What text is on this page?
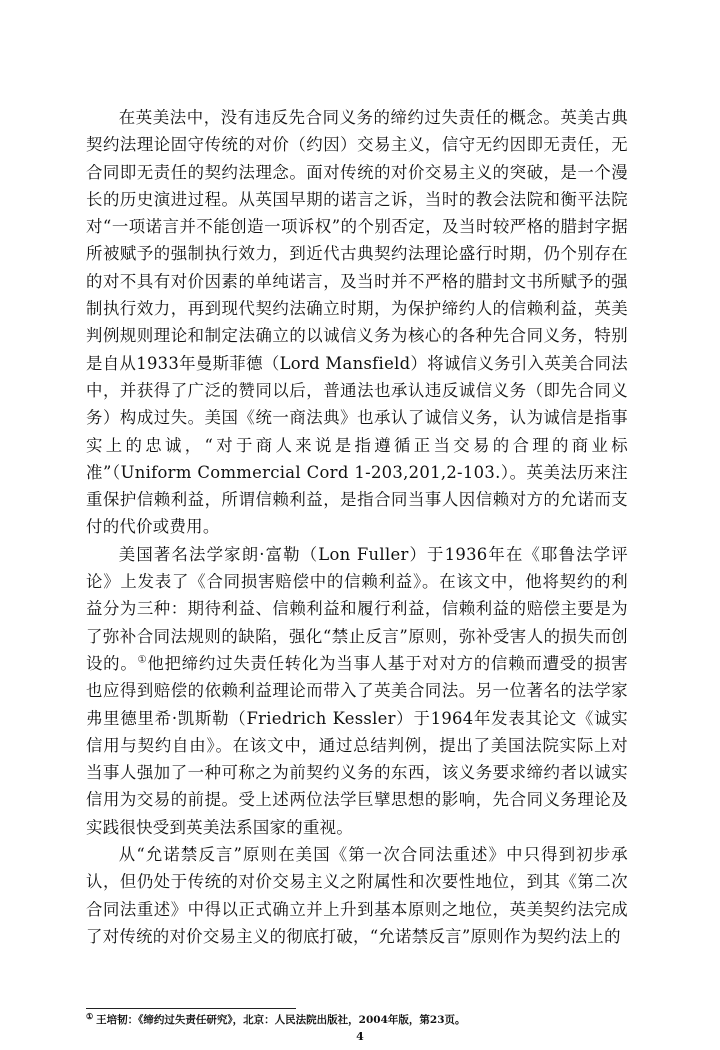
在英美法中，没有违反先合同义务的缔约过失责任的概念。英美古典契约法理论固守传统的对价（约因）交易主义，信守无约因即无责任，无合同即无责任的契约法理念。面对传统的对价交易主义的突破，是一个漫长的历史演进过程。从英国早期的诺言之诉，当时的教会法院和衡平法院对“一项诺言并不能创造一项诉权”的个别否定，及当时较严格的腊封字据所被赋予的强制执行效力，到近代古典契约法理论盛行时期，仍个别存在的对不具有对价因素的单纯诺言，及当时并不严格的腊封文书所赋予的强制执行效力，再到现代契约法确立时期，为保护缔约人的信赖利益，英美判例规则理论和制定法确立的以诚信义务为核心的各种先合同义务，特别是自从1933年曼斯菲德（Lord Mansfield）将诚信义务引入英美合同法中，并获得了广泛的赞同以后，普通法也承认违反诚信义务（即先合同义务）构成过失。美国《统一商法典》也承认了诚信义务，认为诚信是指事实上的忠诚，“对于商人来说是指遵循正当交易的合理的商业标准”（Uniform Commercial Cord 1-203,201,2-103.）。英美法历来注重保护信赖利益，所谓信赖利益，是指合同当事人因信赖对方的允诺而支付的代价或费用。

美国著名法学家朗·富勒（Lon Fuller）于1936年在《耶鲁法学评论》上发表了《合同损害赔偿中的信赖利益》。在该文中，他将契约的利益分为三种：期待利益、信赖利益和履行利益，信赖利益的赔偿主要是为了弥补合同法规则的缺陷，强化“禁止反言”原则，弥补受害人的损失而创设的。①他把缔约过失责任转化为当事人基于对对方的信赖而遭受的损害也应得到赔偿的依赖利益理论而带入了英美合同法。另一位著名的法学家弗里德里希·凯斯勒（Friedrich Kessler）于1964年发表其论文《诚实信用与契约自由》。在该文中，通过总结判例，提出了美国法院实际上对当事人强加了一种可称之为前契约义务的东西，该义务要求缔约者以诚实信用为交易的前提。受上述两位法学巨擘思想的影响，先合同义务理论及实践很快受到英美法系国家的重视。

从“允诺禁反言”原则在美国《第一次合同法重述》中只得到初步承认，但仍处于传统的对价交易主义之附属性和次要性地位，到其《第二次合同法重述》中得以正式确立并上升到基本原则之地位，英美契约法完成了对传统的对价交易主义的彻底打破，“允诺禁反言”原则作为契约法上的

① 王培韧：《缔约过失责任研究》，北京：人民法院出版社，2004年版，第23页。
4
